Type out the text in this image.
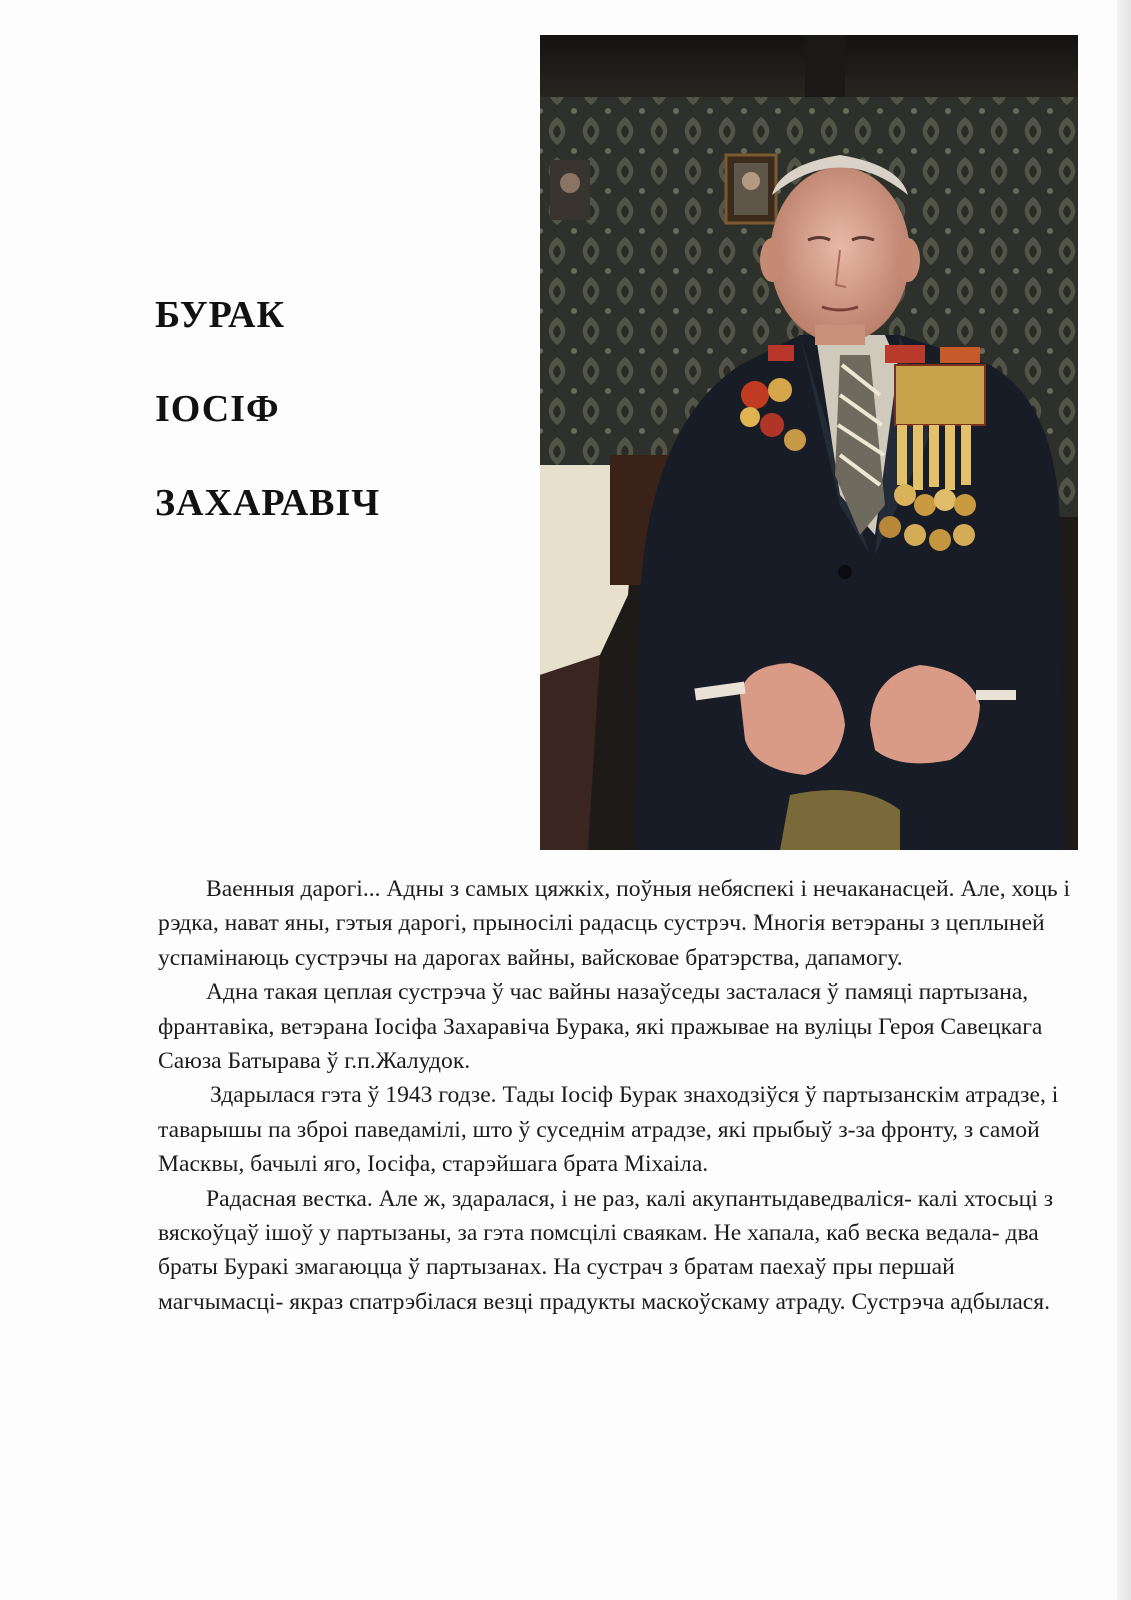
БУРАК
ІОСІФ
ЗАХАРАВІЧ

Ваенныя дарогі... Адны з самых цяжкіх, поўныя небяспекі і нечаканасцей. Але, хоць і рэдка, нават яны, гэтыя дарогі, прыносілі радасць сустрэч. Многія ветэраны з цеплыней успамінаюць сустрэчы на дарогах вайны, вайсковае братэрства, дапамогу.

Адна такая цеплая сустрэча ў час вайны назаўседы засталася ў памяці партызана, франтавіка, ветэрана Іосіфа Захаравіча Бурака, які пражывае на вуліцы Героя Савецкага Саюза Батырава ў г.п.Жалудок.

Здарылася гэта ў 1943 годзе. Тады Іосіф Бурак знаходзіўся ў партызанскім атрадзе, і таварышы па зброі паведамілі, што ў суседнім атрадзе, які прыбыў з-за фронту, з самой Масквы, бачылі яго, Іосіфа, старэйшага брата Міхаіла.

Радасная вестка. Але ж, здаралася, і не раз, калі акупантыдаведваліся- калі хтосьці з вяскоўцаў ішоў у партызаны, за гэта помсцілі сваякам. Не хапала, каб веска ведала- два браты Буракі змагаюцца ў партызанах. На сустрач з братам паехаў пры першай магчымасці- якраз спатрэбілася везці прадукты маскоўскаму атраду. Сустрэча адбылася.
